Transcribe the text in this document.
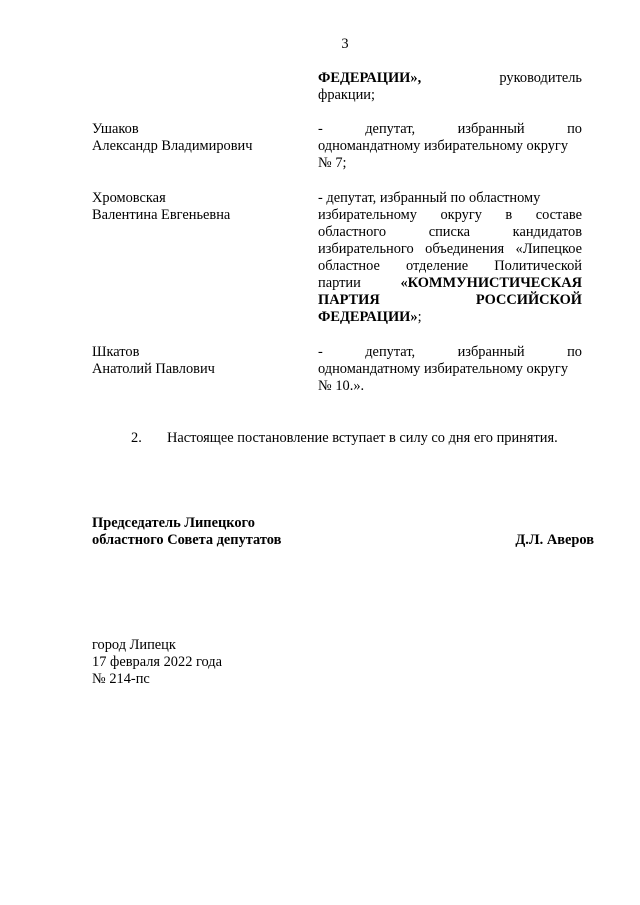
3
ФЕДЕРАЦИИ»,	руководитель
фракции;
Ушаков
Александр Владимирович
-	депутат,	избранный	по
одномандатному избирательному округу
№ 7;
Хромовская
Валентина Евгеньевна
- депутат, избранный по областному
избирательному округу в составе
областного списка кандидатов
избирательного объединения «Липецкое
областное отделение Политической
партии	«КОММУНИСТИЧЕСКАЯ
ПАРТИЯ	РОССИЙСКОЙ
ФЕДЕРАЦИИ»;
Шкатов
Анатолий Павлович
-	депутат,	избранный	по
одномандатному избирательному округу
№ 10.».
2. Настоящее постановление вступает в силу со дня его принятия.
Председатель Липецкого
областного Совета депутатов	Д.Л. Аверов
город Липецк
17 февраля 2022 года
№ 214-пс
